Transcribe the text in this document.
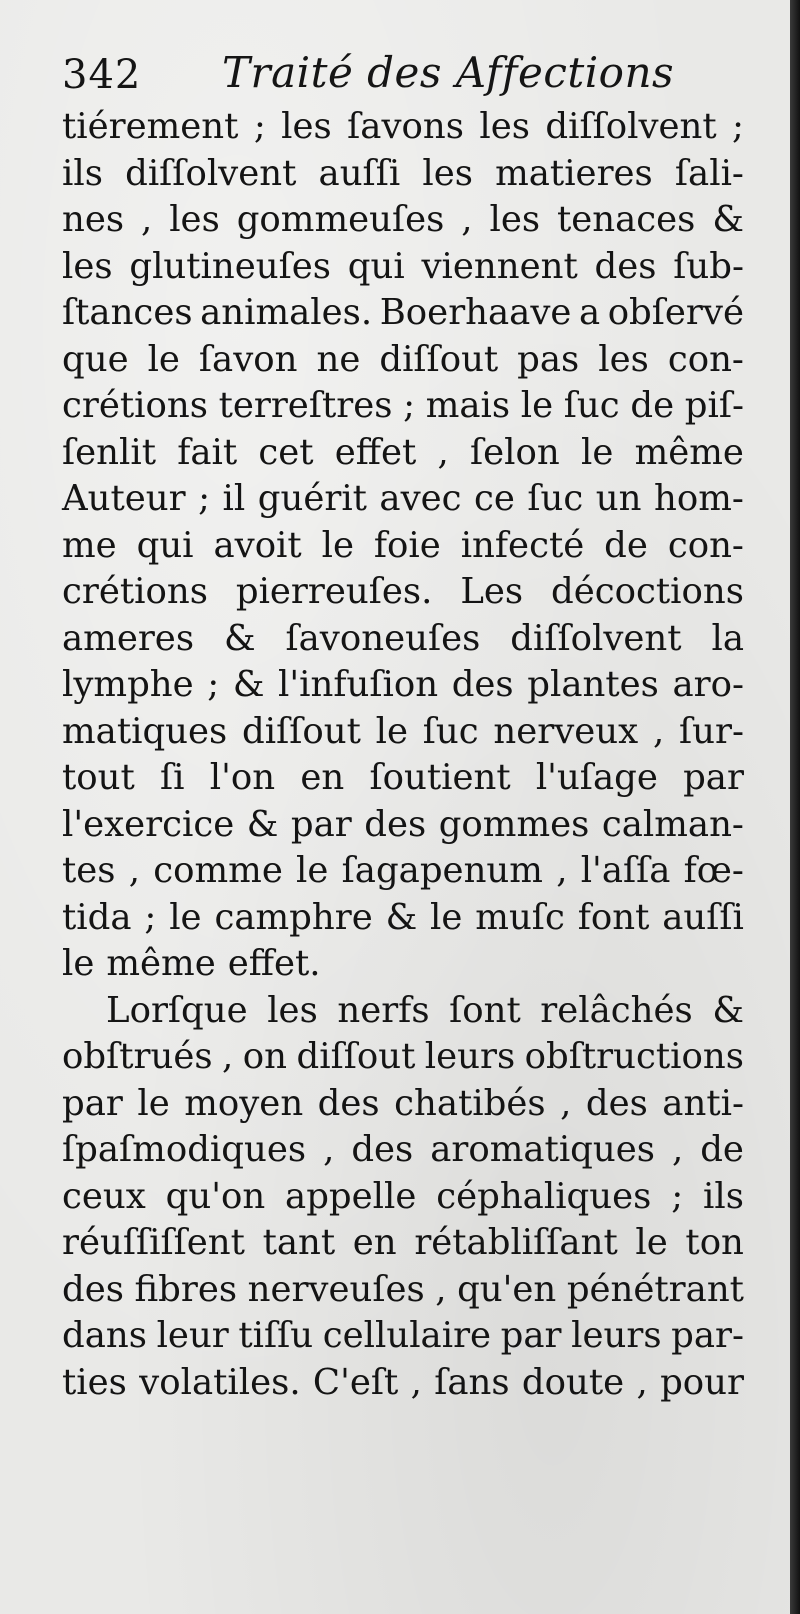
342 Traité des Affections
tiérement ; les ſavons les diſſolvent ;
ils diſſolvent auſſi les matieres ſali-
nes , les gommeuſes , les tenaces &
les glutineuſes qui viennent des ſub-
ſtances animales. Boerhaave a obſervé
que le ſavon ne diſſout pas les con-
crétions terreſtres ; mais le ſuc de piſ-
ſenlit fait cet effet , ſelon le même
Auteur ; il guérit avec ce ſuc un hom-
me qui avoit le foie infecté de con-
crétions pierreuſes. Les décoctions
ameres & ſavoneuſes diſſolvent la
lymphe ; & l'infuſion des plantes aro-
matiques diſſout le ſuc nerveux , ſur-
tout ſi l'on en ſoutient l'uſage par
l'exercice & par des gommes calman-
tes , comme le ſagapenum , l'aſſa fœ-
tida ; le camphre & le muſc font auſſi
le même effet.
Lorſque les nerfs ſont relâchés &
obſtrués , on diſſout leurs obſtructions
par le moyen des chatibés , des anti-
ſpaſmodiques , des aromatiques , de
ceux qu'on appelle céphaliques ; ils
réuſſiſſent tant en rétabliſſant le ton
des fibres nerveuſes , qu'en pénétrant
dans leur tiſſu cellulaire par leurs par-
ties volatiles. C'eſt , ſans doute , pour
